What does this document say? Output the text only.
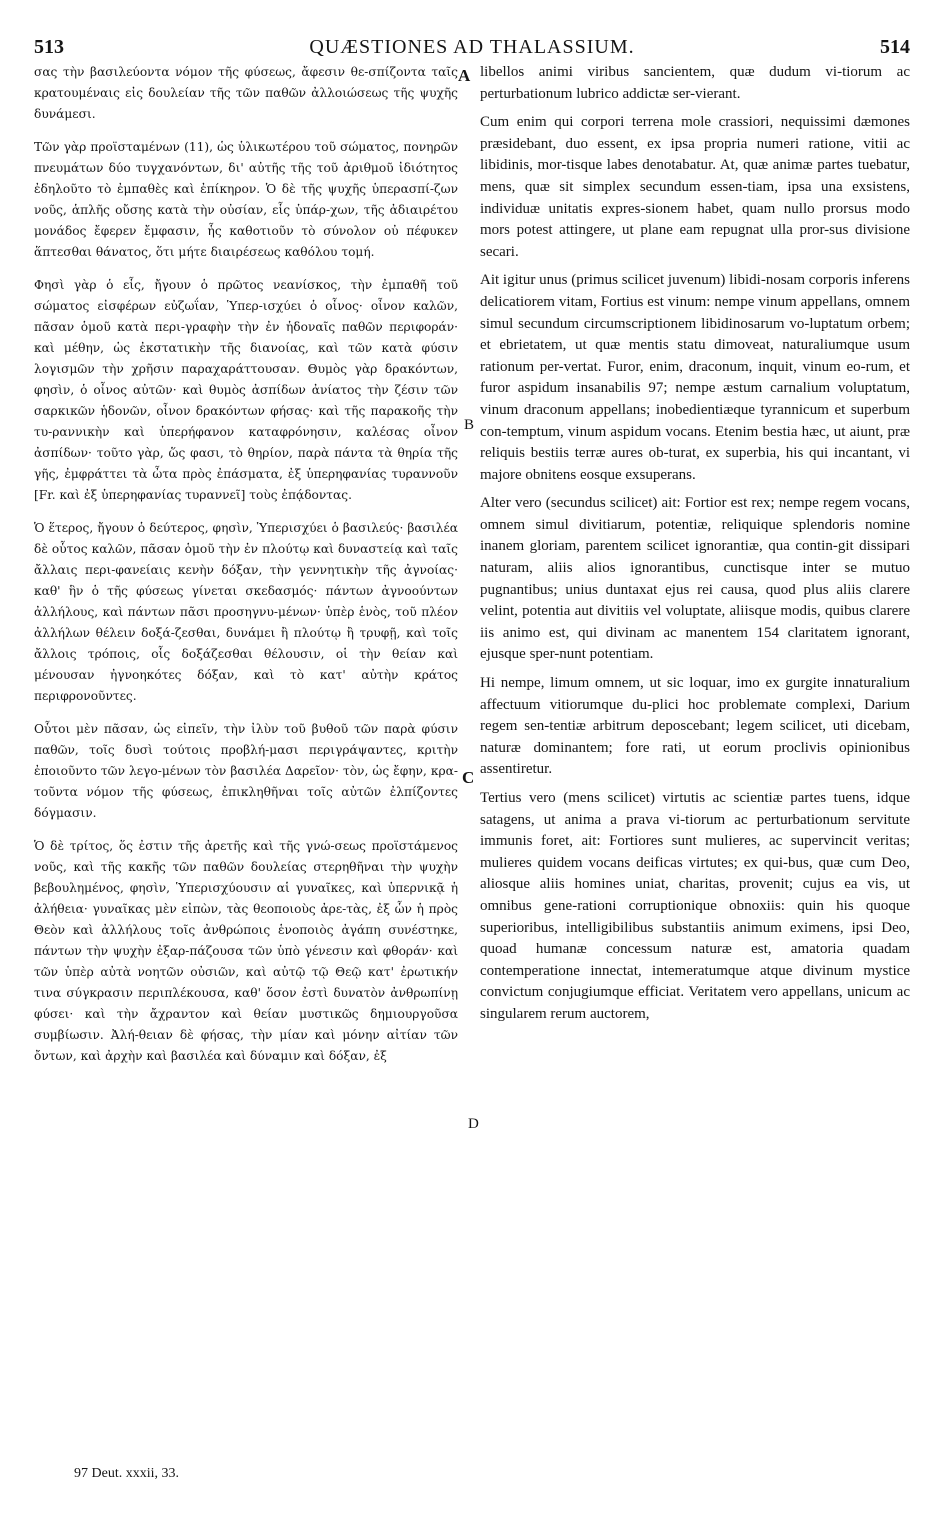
513	QUÆSTIONES AD THALASSIUM.	514

σας τὴν βασιλεύοντα νόμον τῆς φύσεως, ἄφεσιν θε-σπίζοντα ταῖς κρατουμέναις εἰς δουλείαν τῆς τῶν παθῶν ἀλλοιώσεως τῆς ψυχῆς δυνάμεσι.

Τῶν γὰρ προϊσταμένων (11), ὡς ὑλικωτέρου τοῦ σώματος, πονηρῶν πνευμάτων δύο τυγχανόντων, δι' αὐτῆς τῆς τοῦ ἀριθμοῦ ἰδιότητος ἐδηλοῦτο τὸ ἐμπαθὲς καὶ ἐπίκηρον. Ὁ δὲ τῆς ψυχῆς ὑπερασπί-ζων νοῦς, ἁπλῆς οὔσης κατὰ τὴν οὐσίαν, εἷς ὑπάρ-χων, τῆς ἀδιαιρέτου μονάδος ἔφερεν ἔμφασιν, ἧς καθοτιοῦν τὸ σύνολον οὐ πέφυκεν ἅπτεσθαι θάνατος, ὅτι μήτε διαιρέσεως καθόλου τομή.

Φησὶ γὰρ ὁ εἷς, ἤγουν ὁ πρῶτος νεανίσκος, τὴν ἐμπαθῆ τοῦ σώματος εἰσφέρων εὐζωΐαν, Ὑπερ-ισχύει ὁ οἶνος· οἶνον καλῶν, πᾶσαν ὁμοῦ κατὰ περι-γραφὴν τὴν ἐν ἡδοναῖς παθῶν περιφοράν· καὶ μέθην, ὡς ἐκστατικὴν τῆς διανοίας, καὶ τῶν κατὰ φύσιν λογισμῶν τὴν χρῆσιν παραχαράττουσαν. Θυμὸς γὰρ δρακόντων, φησὶν, ὁ οἶνος αὐτῶν· καὶ θυμὸς ἀσπίδων ἀνίατος τὴν ζέσιν τῶν σαρκικῶν ἡδονῶν, οἶνον δρακόντων φήσας· καὶ τῆς παρακοῆς τὴν τυ-ραννικὴν καὶ ὑπερήφανον καταφρόνησιν, καλέσας οἶνον ἀσπίδων· τοῦτο γὰρ, ὥς φασι, τὸ θηρίον, παρὰ πάντα τὰ θηρία τῆς γῆς, ἐμφράττει τὰ ὦτα πρὸς ἐπάσματα, ἐξ ὑπερηφανίας τυραννοῦν [Fr. καὶ ἐξ ὑπερηφανίας τυραννεῖ] τοὺς ἐπᾴδοντας.

Ὁ ἕτερος, ἤγουν ὁ δεύτερος, φησὶν, Ὑπερισχύει ὁ βασιλεύς· βασιλέα δὲ οὗτος καλῶν, πᾶσαν ὁμοῦ τὴν ἐν πλούτῳ καὶ δυναστείᾳ καὶ ταῖς ἄλλαις περι-φανείαις κενὴν δόξαν, τὴν γεννητικὴν τῆς ἀγνοίας· καθ' ἣν ὁ τῆς φύσεως γίνεται σκεδασμός· πάντων ἀγνοούντων ἀλλήλους, καὶ πάντων πᾶσι προσηγνυ-μένων· ὑπὲρ ἑνὸς, τοῦ πλέον ἀλλήλων θέλειν δοξά-ζεσθαι, δυνάμει ἢ πλούτῳ ἢ τρυφῇ, καὶ τοῖς ἄλλοις τρόποις, οἷς δοξάζεσθαι θέλουσιν, οἱ τὴν θείαν καὶ μένουσαν ἠγνοηκότες δόξαν, καὶ τὸ κατ' αὐτὴν κράτος περιφρονοῦντες.

Οὗτοι μὲν πᾶσαν, ὡς εἰπεῖν, τὴν ἰλὺν τοῦ βυθοῦ τῶν παρὰ φύσιν παθῶν, τοῖς δυσὶ τούτοις προβλή-μασι περιγράψαντες, κριτὴν ἐποιοῦντο τῶν λεγο-μένων τὸν βασιλέα Δαρεῖον· τὸν, ὡς ἔφην, κρα-τοῦντα νόμον τῆς φύσεως, ἐπικληθῆναι τοῖς αὐτῶν ἐλπίζοντες δόγμασιν.

Ὁ δὲ τρίτος, ὅς ἐστιν τῆς ἀρετῆς καὶ τῆς γνώ-σεως προϊστάμενος νοῦς, καὶ τῆς κακῆς τῶν παθῶν δουλείας στερηθῆναι τὴν ψυχὴν βεβουλημένος, φησὶν, Ὑπερισχύουσιν αἱ γυναῖκες, καὶ ὑπερνικᾷ ἡ ἀλήθεια· γυναῖκας μὲν εἰπὼν, τὰς θεοποιοὺς ἀρε-τὰς, ἐξ ὧν ἡ πρὸς Θεὸν καὶ ἀλλήλους τοῖς ἀνθρώποις ἑνοποιὸς ἀγάπη συνέστηκε, πάντων τὴν ψυχὴν ἐξαρ-πάζουσα τῶν ὑπὸ γένεσιν καὶ φθοράν· καὶ τῶν ὑπὲρ αὐτὰ νοητῶν οὐσιῶν, καὶ αὐτῷ τῷ Θεῷ κατ' ἐρωτικήν τινα σύγκρασιν περιπλέκουσα, καθ' ὅσον ἐστὶ δυνατὸν ἀνθρωπίνῃ φύσει· καὶ τὴν ἄχραντον καὶ θείαν μυστικῶς δημιουργοῦσα συμβίωσιν. Ἀλή-θειαν δὲ φήσας, τὴν μίαν καὶ μόνην αἰτίαν τῶν ὄντων, καὶ ἀρχὴν καὶ βασιλέα καὶ δύναμιν καὶ δόξαν, ἐξ

A
B
C
D

libellos animi viribus sancientem, quæ dudum vi-tiorum ac perturbationum lubrico addictæ ser-vierant.

Cum enim qui corpori terrena mole crassiori, nequissimi dæmones præsidebant, duo essent, ex ipsa propria numeri ratione, vitii ac libidinis, mor-tisque labes denotabatur. At, quæ animæ partes tuebatur, mens, quæ sit simplex secundum essen-tiam, ipsa una exsistens, individuæ unitatis expres-sionem habet, quam nullo prorsus modo mors potest attingere, ut plane eam repugnat ulla pror-sus divisione secari.

Ait igitur unus (primus scilicet juvenum) libidi-nosam corporis inferens delicatiorem vitam, Fortius est vinum: nempe vinum appellans, omnem simul secundum circumscriptionem libidinosarum vo-luptatum orbem; et ebrietatem, ut quæ mentis statu dimoveat, naturaliumque usum rationum per-vertat. Furor, enim, draconum, inquit, vinum eo-rum, et furor aspidum insanabilis 97; nempe æstum carnalium voluptatum, vinum draconum appellans; inobedientiæque tyrannicum et superbum con-temptum, vinum aspidum vocans. Etenim bestia hæc, ut aiunt, præ reliquis bestiis terræ aures ob-turat, ex superbia, his qui incantant, vi majore obnitens eosque exsuperans.

Alter vero (secundus scilicet) ait: Fortior est rex; nempe regem vocans, omnem simul divitiarum, potentiæ, reliquique splendoris nomine inanem gloriam, parentem scilicet ignorantiæ, qua contin-git dissipari naturam, aliis alios ignorantibus, cunctisque inter se mutuo pugnantibus; unius duntaxat ejus rei causa, quod plus aliis clarere velint, potentia aut divitiis vel voluptate, aliisque modis, quibus clarere iis animo est, qui divinam ac manentem 154 claritatem ignorant, ejusque sper-nunt potentiam.

Hi nempe, limum omnem, ut sic loquar, imo ex gurgite innaturalium affectuum vitiorumque du-plici hoc problemate complexi, Darium regem sen-tentiæ arbitrum deposcebant; legem scilicet, uti dicebam, naturæ dominantem; fore rati, ut eorum proclivis opinionibus assentiretur.

Tertius vero (mens scilicet) virtutis ac scientiæ partes tuens, idque satagens, ut anima a prava vi-tiorum ac perturbationum servitute immunis foret, ait: Fortiores sunt mulieres, ac supervincit veritas; mulieres quidem vocans deificas virtutes; ex qui-bus, quæ cum Deo, aliosque aliis homines uniat, charitas, provenit; cujus ea vis, ut omnibus gene-rationi corruptionique obnoxiis: quin his quoque superioribus, intelligibilibus substantiis animum eximens, ipsi Deo, quoad humanæ concessum naturæ est, amatoria quadam contemperatione innectat, intemeratumque atque divinum mystice convictum conjugiumque efficiat. Veritatem vero appellans, unicum ac singularem rerum auctorem,

97 Deut. xxxii, 33.
